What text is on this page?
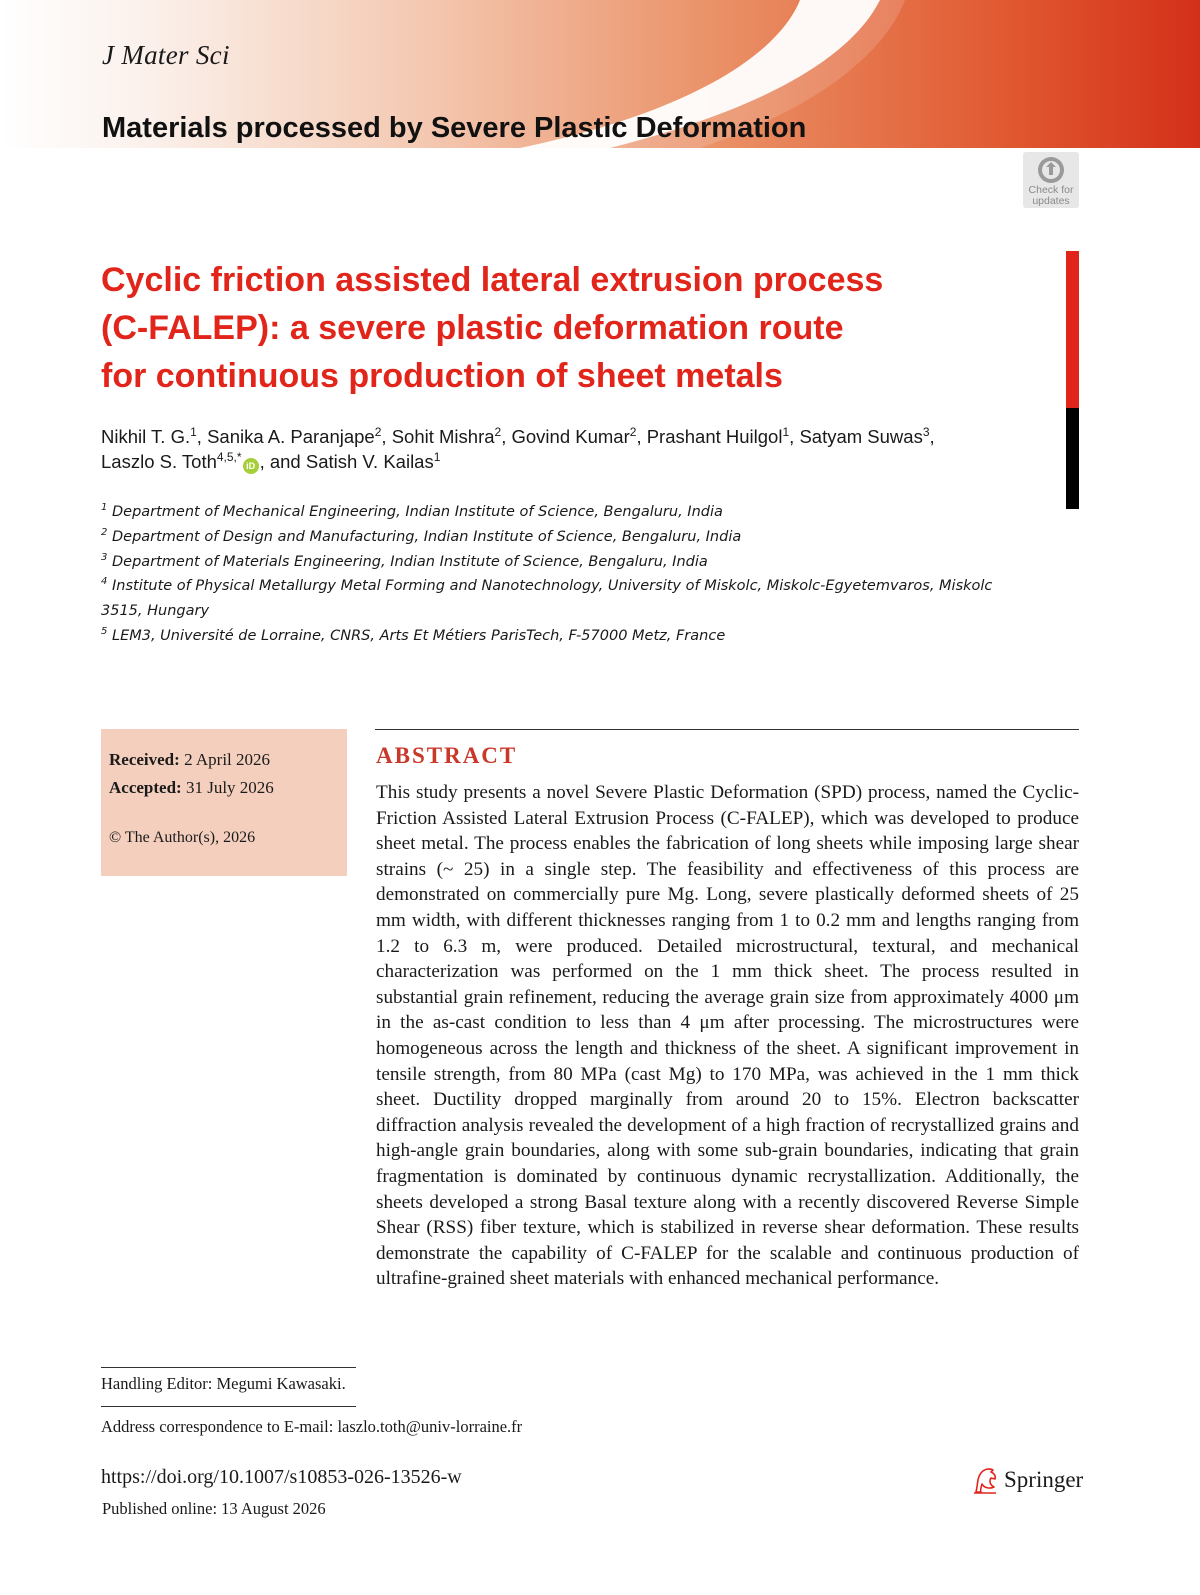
J Mater Sci
Materials processed by Severe Plastic Deformation
Check for updates
Cyclic friction assisted lateral extrusion process
(C-FALEP): a severe plastic deformation route
for continuous production of sheet metals
Nikhil T. G.$^1$, Sanika A. Paranjape$^2$, Sohit Mishra$^2$, Govind Kumar$^2$, Prashant Huilgol$^1$, Satyam Suwas$^3$,
Laszlo S. Toth$^{4,5,*}$iD , and Satish V. Kailas$^1$

$^1$ Department of Mechanical Engineering, Indian Institute of Science, Bengaluru, India

$^2$ Department of Design and Manufacturing, Indian Institute of Science, Bengaluru, India

$^3$ Department of Materials Engineering, Indian Institute of Science, Bengaluru, India

$^4$ Institute of Physical Metallurgy Metal Forming and Nanotechnology, University of Miskolc, Miskolc-Egyetemvaros, Miskolc 3515, Hungary

$^5$ LEM3, Université de Lorraine, CNRS, Arts Et Métiers ParisTech, F-57000 Metz, France

Received: 2 April 2026
Accepted: 31 July 2026
© The Author(s), 2026
ABSTRACT

This study presents a novel Severe Plastic Deformation (SPD) process, named the Cyclic-Friction Assisted Lateral Extrusion Process (C-FALEP), which was developed to produce sheet metal. The process enables the fabrication of long sheets while imposing large shear strains (~ 25) in a single step. The feasibility and effectiveness of this process are demonstrated on commercially pure Mg. Long, severe plastically deformed sheets of 25 mm width, with different thicknesses ranging from 1 to 0.2 mm and lengths ranging from 1.2 to 6.3 m, were produced. Detailed microstructural, textural, and mechanical characterization was performed on the 1 mm thick sheet. The process resulted in substantial grain refinement, reducing the average grain size from approximately 4000 μm in the as-cast condition to less than 4 μm after processing. The microstructures were homogeneous across the length and thickness of the sheet. A significant improvement in tensile strength, from 80 MPa (cast Mg) to 170 MPa, was achieved in the 1 mm thick sheet. Ductility dropped marginally from around 20 to 15%. Electron backscatter diffraction analysis revealed the development of a high fraction of recrystallized grains and high-angle grain boundaries, along with some sub-grain boundaries, indicating that grain fragmentation is dominated by continuous dynamic recrystallization. Additionally, the sheets developed a strong Basal texture along with a recently discovered Reverse Simple Shear (RSS) fiber texture, which is stabilized in reverse shear deformation. These results demonstrate the capability of C-FALEP for the scalable and continuous production of ultrafine-grained sheet materials with enhanced mechanical performance.

Handling Editor: Megumi Kawasaki.
Address correspondence to E-mail: laszlo.toth@univ-lorraine.fr
https://doi.org/10.1007/s10853-026-13526-w
Published online: 13 August 2026
Springer
